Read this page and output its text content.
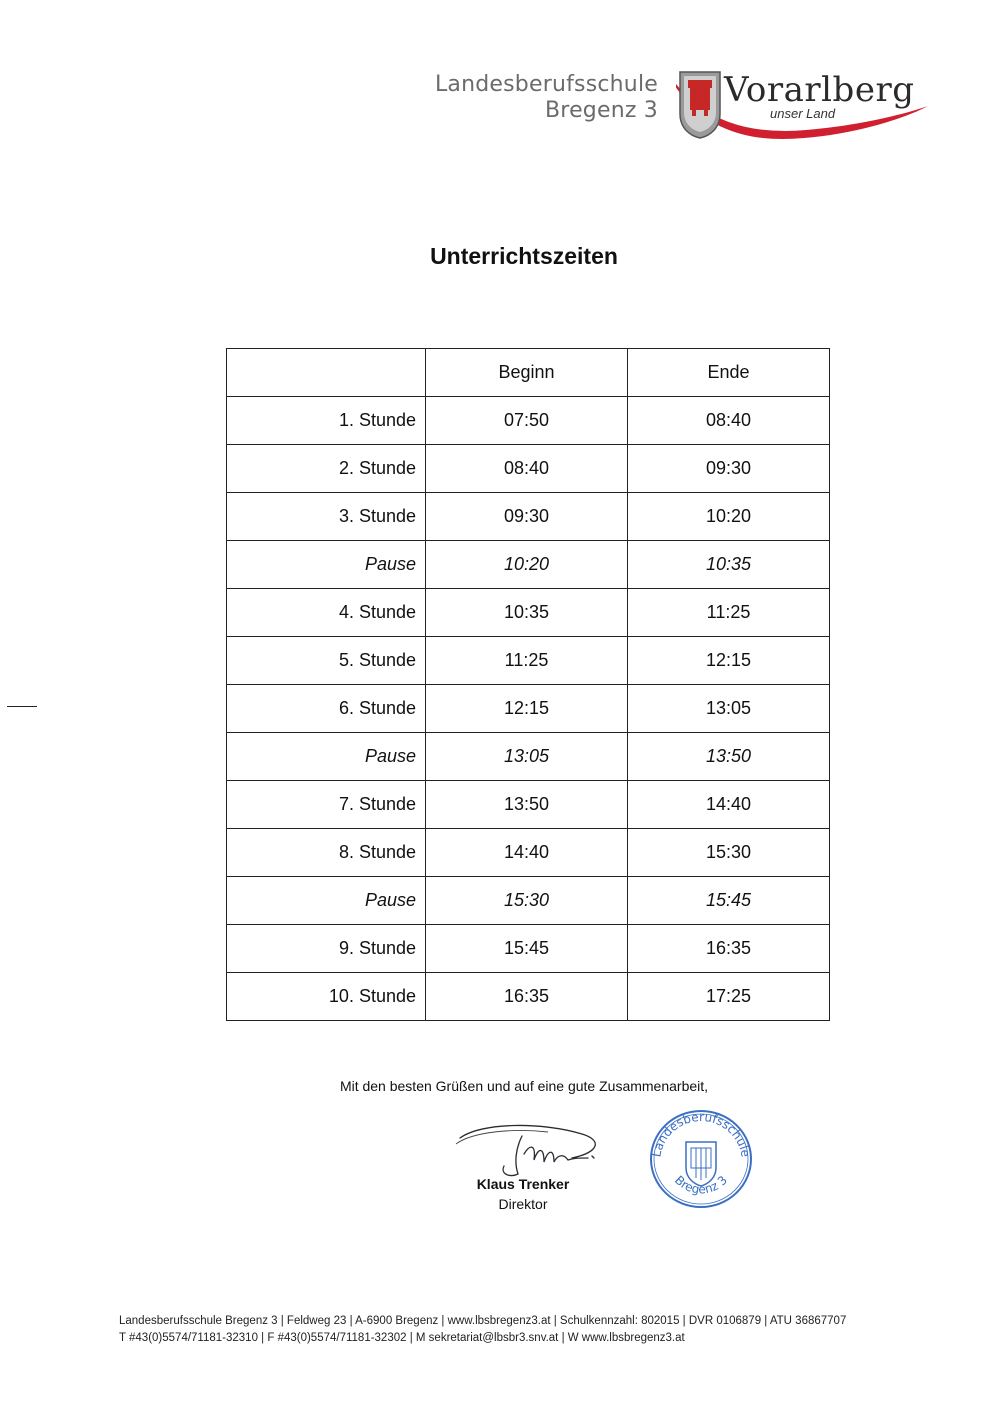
Landesberufsschule
Bregenz 3
Vorarlberg
unser Land
Unterrichtszeiten
	Beginn	Ende
1. Stunde	07:50	08:40
2. Stunde	08:40	09:30
3. Stunde	09:30	10:20
Pause	10:20	10:35
4. Stunde	10:35	11:25
5. Stunde	11:25	12:15
6. Stunde	12:15	13:05
Pause	13:05	13:50
7. Stunde	13:50	14:40
8. Stunde	14:40	15:30
Pause	15:30	15:45
9. Stunde	15:45	16:35
10. Stunde	16:35	17:25
Mit den besten Grüßen und auf eine gute Zusammenarbeit,
Klaus Trenker
Direktor
Landesberufsschule
Bregenz 3
Landesberufsschule Bregenz 3 | Feldweg 23 | A-6900 Bregenz | www.lbsbregenz3.at | Schulkennzahl: 802015 | DVR 0106879 | ATU 36867707
T #43(0)5574/71181-32310 | F #43(0)5574/71181-32302 | M sekretariat@lbsbr3.snv.at | W www.lbsbregenz3.at
